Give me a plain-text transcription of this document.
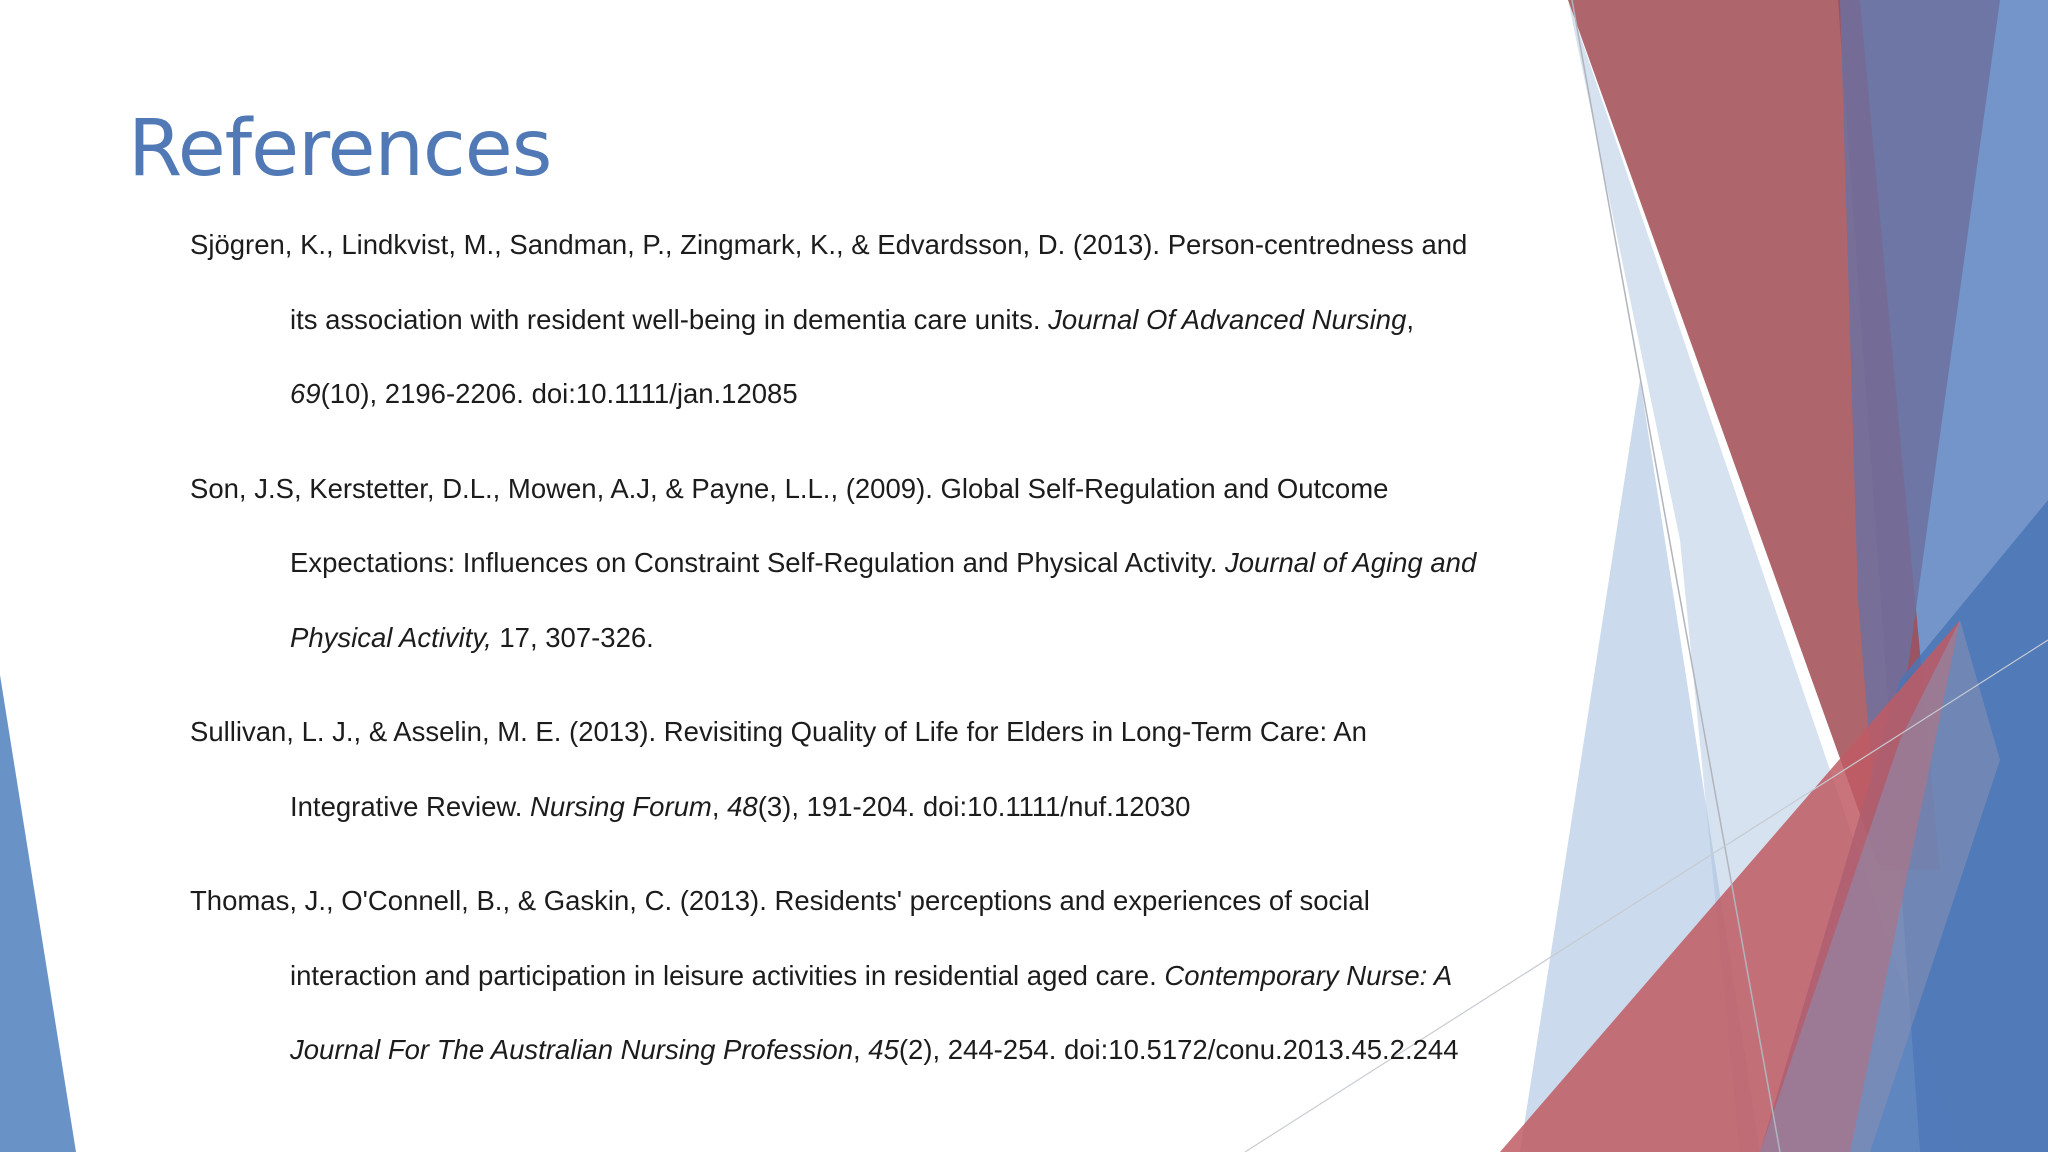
References

Sjögren, K., Lindkvist, M., Sandman, P., Zingmark, K., & Edvardsson, D. (2013). Person-centredness and its association with resident well-being in dementia care units. Journal Of Advanced Nursing, 69(10), 2196-2206. doi:10.1111/jan.12085

Son, J.S, Kerstetter, D.L., Mowen, A.J, & Payne, L.L., (2009). Global Self-Regulation and Outcome Expectations: Influences on Constraint Self-Regulation and Physical Activity. Journal of Aging and Physical Activity, 17, 307-326.

Sullivan, L. J., & Asselin, M. E. (2013). Revisiting Quality of Life for Elders in Long-Term Care: An Integrative Review. Nursing Forum, 48(3), 191-204. doi:10.1111/nuf.12030

Thomas, J., O'Connell, B., & Gaskin, C. (2013). Residents' perceptions and experiences of social interaction and participation in leisure activities in residential aged care. Contemporary Nurse: A Journal For The Australian Nursing Profession, 45(2), 244-254. doi:10.5172/conu.2013.45.2.244
